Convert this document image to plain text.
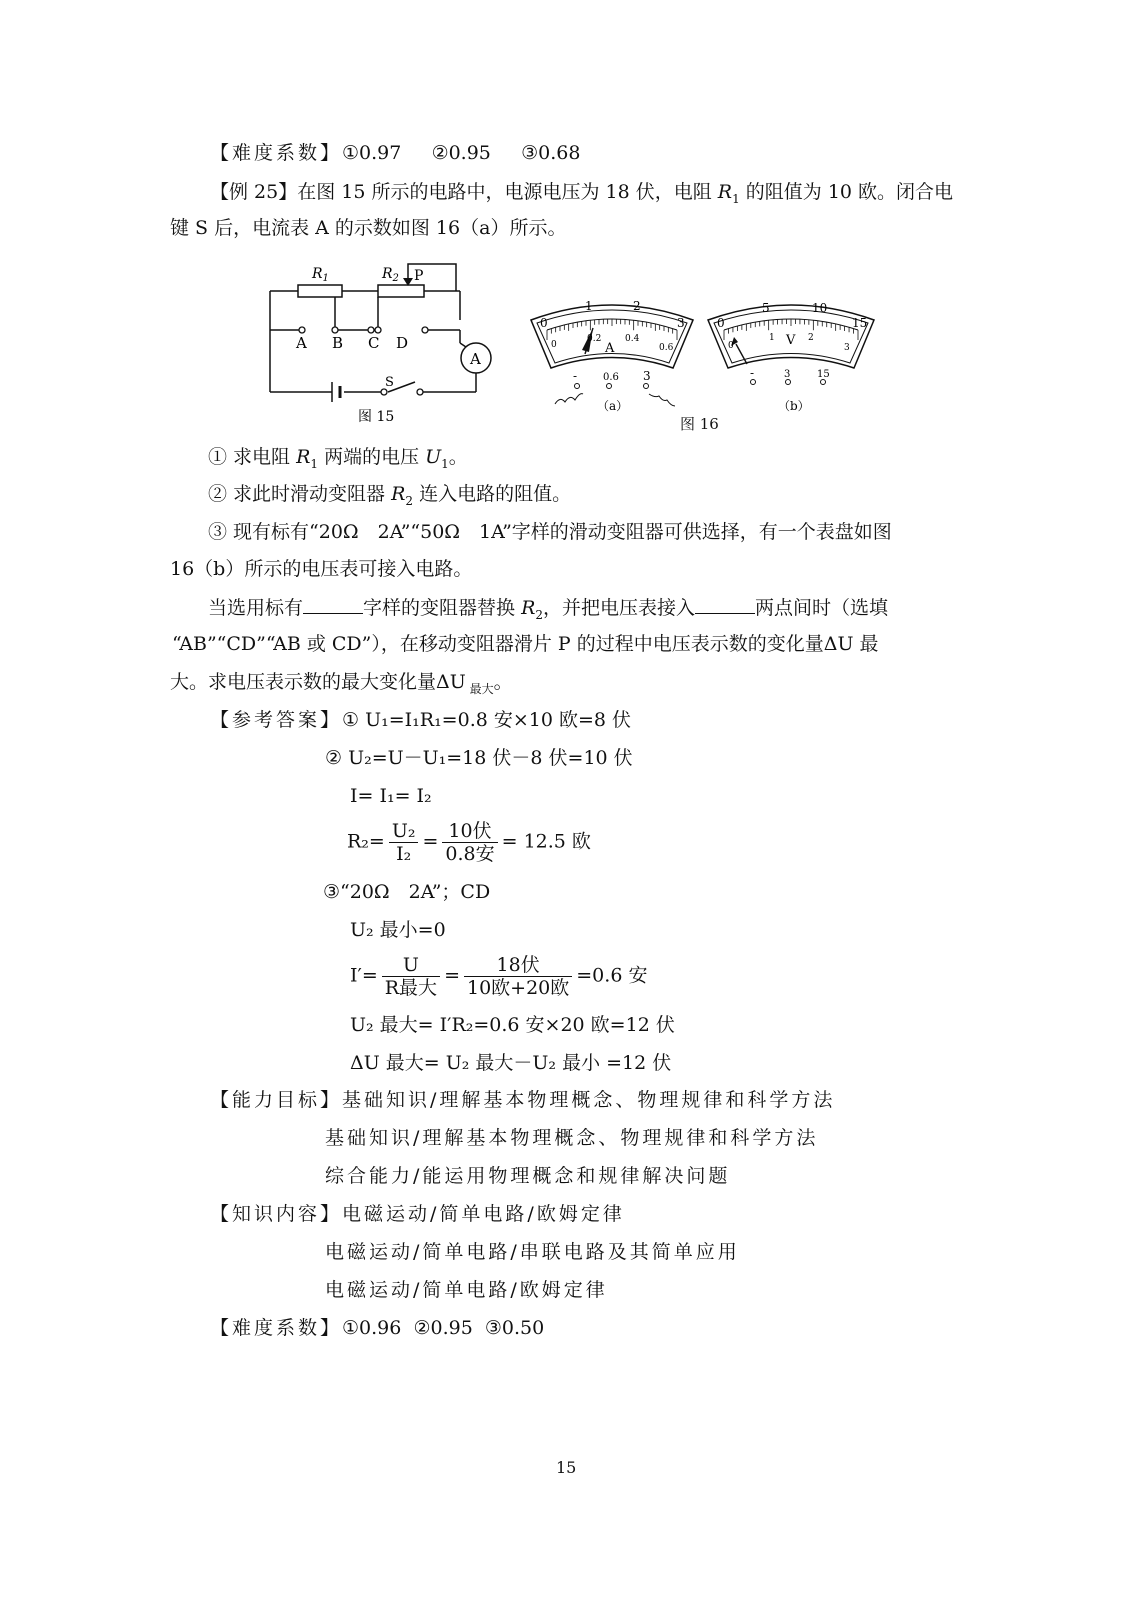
【难度系数】①0.97 ②0.95 ③0.68
【例 25】在图 15 所示的电路中，电源电压为 18 伏，电阻 $R_1$ 的阻值为 10 欧。闭合电
键 S 后，电流表 A 的示数如图 16（a）所示。
$R_1$	$R_2$ P
A B C D
A
S
图 15
0
1	2
3
0
0.2	0.4
0.6
A
-	0.6 3
（a）
0
5	10
15
0
1	2
3
V
-	3	15
（b）
图 16
① 求电阻 $R_1$ 两端的电压 $U_1$。
② 求此时滑动变阻器 $R_2$ 连入电路的阻值。
③ 现有标有“20Ω　2A”“50Ω　1A”字样的滑动变阻器可供选择，有一个表盘如图
16（b）所示的电压表可接入电路。
当选用标有	字样的变阻器替换 $R_2$，并把电压表接入	两点间时（选填
“AB”“CD”“AB 或 CD”），在移动变阻器滑片 P 的过程中电压表示数的变化量ΔU 最
大。求电压表示数的最大变化量ΔU $_{最大}$。
【参考答案】① U₁=I₁R₁=0.8 安×10 欧=8 伏
② U₂=U－U₁=18 伏－8 伏=10 伏
I= I₁= I₂
$R_2= \frac{\text{U₂}}{\text{I₂}} = \frac{\text{10伏}}{\text{0.8安}} = 12.5$ 欧
③“20Ω　2A”；CD
U₂ 最小=0
$I'= \frac{U}{\text{R最大}} = \frac{\text{18伏}}{\text{10欧+20欧}} =0.6$ 安
U₂ 最大= I′R₂=0.6 安×20 欧=12 伏
ΔU 最大= U₂ 最大－U₂ 最小 =12 伏
【能力目标】基础知识/理解基本物理概念、物理规律和科学方法
基础知识/理解基本物理概念、物理规律和科学方法
综合能力/能运用物理概念和规律解决问题
【知识内容】电磁运动/简单电路/欧姆定律
电磁运动/简单电路/串联电路及其简单应用
电磁运动/简单电路/欧姆定律
【难度系数】①0.96 ②0.95 ③0.50
15
